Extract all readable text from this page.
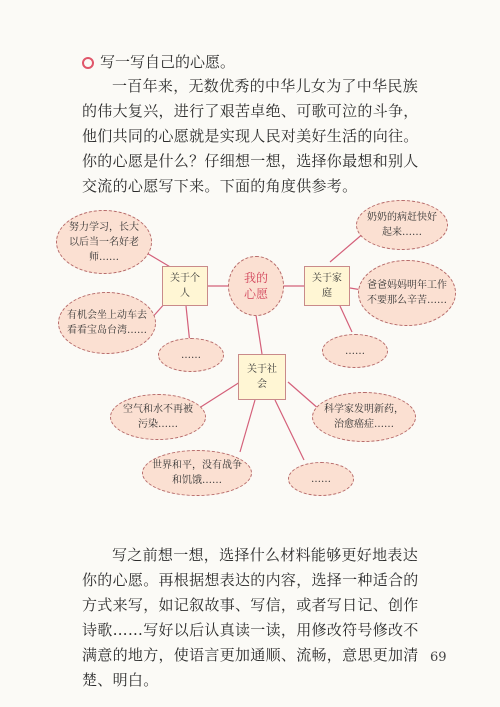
写一写自己的心愿。
一百年来，无数优秀的中华儿女为了中华民族的伟大复兴，进行了艰苦卓绝、可歌可泣的斗争，他们共同的心愿就是实现人民对美好生活的向往。你的心愿是什么？仔细想一想，选择你最想和别人交流的心愿写下来。下面的角度供参考。
我的心愿
关于个人
关于家庭
关于社会
努力学习，长大以后当一名好老师……
有机会坐上动车去看看宝岛台湾……
……
奶奶的病赶快好起来……
爸爸妈妈明年工作不要那么辛苦……
……
空气和水不再被污染……
科学家发明新药，治愈癌症……
世界和平，没有战争和饥饿……	……
写之前想一想，选择什么材料能够更好地表达你的心愿。再根据想表达的内容，选择一种适合的方式来写，如记叙故事、写信，或者写日记、创作诗歌……写好以后认真读一读，用修改符号修改不满意的地方，使语言更加通顺、流畅，意思更加清楚、明白。
69
